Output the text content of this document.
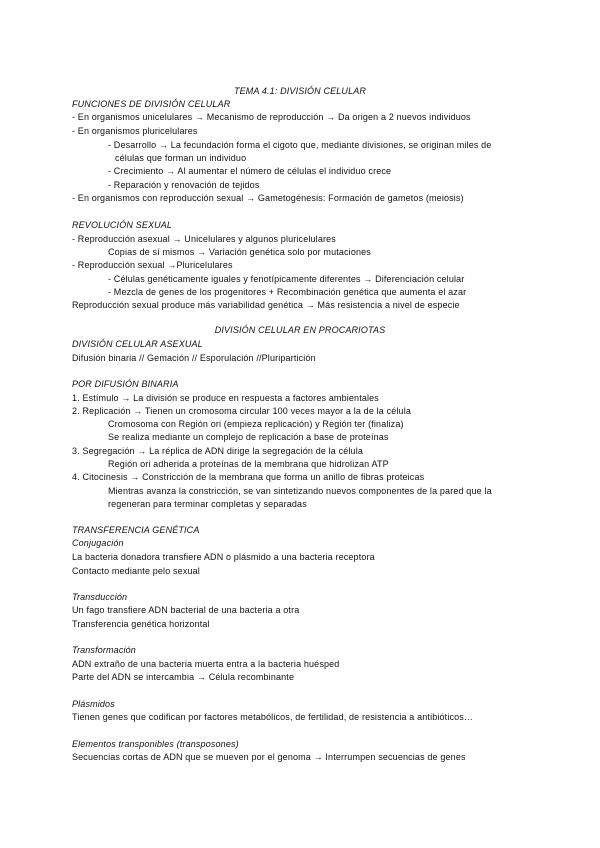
TEMA 4.1: DIVISIÓN CELULAR
FUNCIONES DE DIVISIÓN CELULAR
- En organismos unicelulares → Mecanismo de reproducción → Da origen a 2 nuevos individuos
- En organismos pluricelulares
- Desarrollo → La fecundación forma el cigoto que, mediante divisiones, se originan miles de
células que forman un individuo
- Crecimiento → Al aumentar el número de células el individuo crece
- Reparación y renovación de tejidos
- En organismos con reproducción sexual → Gametogénesis: Formación de gametos (meiosis)
REVOLUCIÓN SEXUAL
- Reproducción asexual → Unicelulares y algunos pluricelulares
Copias de sí mismos → Variación genética solo por mutaciones
- Reproducción sexual →Pluricelulares
- Células genéticamente iguales y fenotípicamente diferentes → Diferenciación celular
- Mezcla de genes de los progenitores + Recombinación genética que aumenta el azar
Reproducción sexual produce más variabilidad genética → Más resistencia a nivel de especie
DIVISIÓN CELULAR EN PROCARIOTAS
DIVISIÓN CELULAR ASEXUAL
Difusión binaria // Gemación // Esporulación //Pluripartición
POR DIFUSIÓN BINARIA
1. Estímulo → La división se produce en respuesta a factores ambientales
2. Replicación → Tienen un cromosoma circular 100 veces mayor a la de la célula
Cromosoma con Región ori (empieza replicación) y Región ter (finaliza)
Se realiza mediante un complejo de replicación a base de proteínas
3. Segregación → La réplica de ADN dirige la segregación de la célula
Región ori adherida a proteínas de la membrana que hidrolizan ATP
4. Citocinesis → Constricción de la membrana que forma un anillo de fibras proteicas
Mientras avanza la constricción, se van sintetizando nuevos componentes de la pared que la
regeneran para terminar completas y separadas
TRANSFERENCIA GENÉTICA
Conjugación
La bacteria donadora transfiere ADN o plásmido a una bacteria receptora
Contacto mediante pelo sexual
Transducción
Un fago transfiere ADN bacterial de una bacteria a otra
Transferencia genética horizontal
Transformación
ADN extraño de una bacteria muerta entra a la bacteria huésped
Parte del ADN se intercambia → Célula recombinante
Plásmidos
Tienen genes que codifican por factores metabólicos, de fertilidad, de resistencia a antibióticos…
Elementos transponibles (transposones)
Secuencias cortas de ADN que se mueven por el genoma → Interrumpen secuencias de genes
